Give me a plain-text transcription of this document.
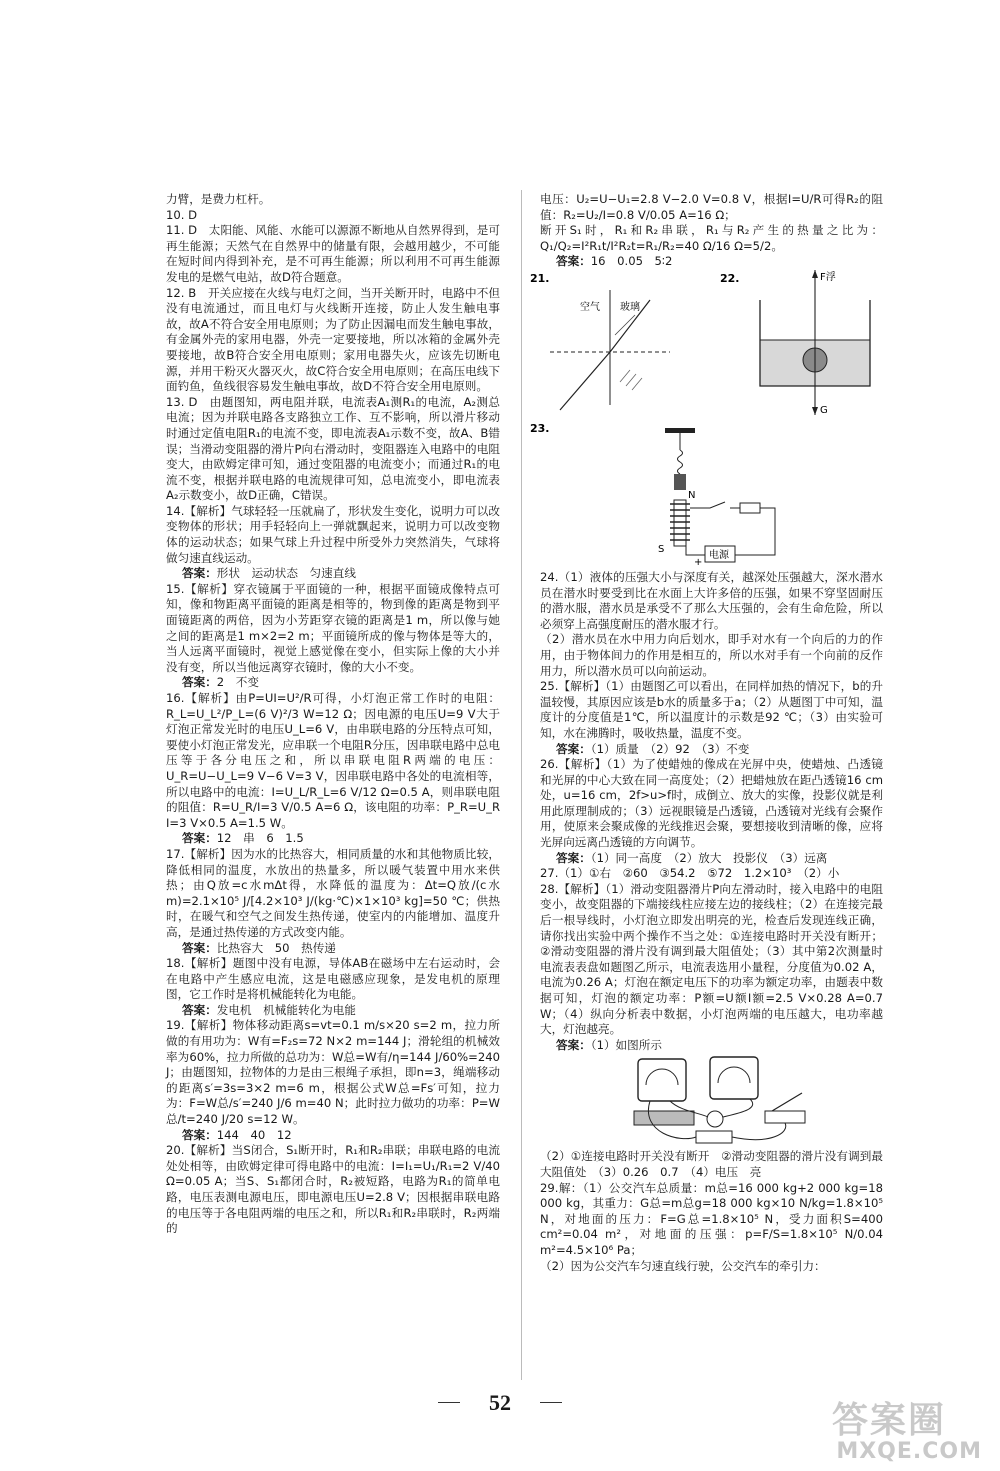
力臂，是费力杠杆。

10. D

11. D　太阳能、风能、水能可以源源不断地从自然界得到，是可再生能源；天然气在自然界中的储量有限，会越用越少，不可能在短时间内得到补充，是不可再生能源；所以利用不可再生能源发电的是燃气电站，故D符合题意。

12. B　开关应接在火线与电灯之间，当开关断开时，电路中不但没有电流通过，而且电灯与火线断开连接，防止人发生触电事故，故A不符合安全用电原则；为了防止因漏电而发生触电事故，有金属外壳的家用电器，外壳一定要接地，所以冰箱的金属外壳要接地，故B符合安全用电原则；家用电器失火，应该先切断电源，并用干粉灭火器灭火，故C符合安全用电原则；在高压电线下面钓鱼，鱼线很容易发生触电事故，故D不符合安全用电原则。

13. D　由题图知，两电阻并联，电流表A₁测R₁的电流，A₂测总电流；因为并联电路各支路独立工作、互不影响，所以滑片移动时通过定值电阻R₁的电流不变，即电流表A₁示数不变，故A、B错误；当滑动变阻器的滑片P向右滑动时，变阻器连入电路中的电阻变大，由欧姆定律可知，通过变阻器的电流变小；而通过R₁的电流不变，根据并联电路的电流规律可知，总电流变小，即电流表A₂示数变小，故D正确，C错误。

14.【解析】气球轻轻一压就扁了，形状发生变化，说明力可以改变物体的形状；用手轻轻向上一弹就飘起来，说明力可以改变物体的运动状态；如果气球上升过程中所受外力突然消失，气球将做匀速直线运动。

答案：形状　运动状态　匀速直线

15.【解析】穿衣镜属于平面镜的一种，根据平面镜成像特点可知，像和物距离平面镜的距离是相等的，物到像的距离是物到平面镜距离的两倍，因为小芳距穿衣镜的距离是1 m，所以像与她之间的距离是1 m×2=2 m；平面镜所成的像与物体是等大的，当人远离平面镜时，视觉上感觉像在变小，但实际上像的大小并没有变，所以当他远离穿衣镜时，像的大小不变。

答案：2　不变

16.【解析】由P=UI=U²/R可得，小灯泡正常工作时的电阻：R_L=U_L²/P_L=(6 V)²/3 W=12 Ω；因电源的电压U=9 V大于灯泡正常发光时的电压U_L=6 V，由串联电路的分压特点可知，要使小灯泡正常发光，应串联一个电阻R分压，因串联电路中总电压等于各分电压之和，所以串联电阻R两端的电压：U_R=U−U_L=9 V−6 V=3 V，因串联电路中各处的电流相等，所以电路中的电流：I=U_L/R_L=6 V/12 Ω=0.5 A，则串联电阻的阻值：R=U_R/I=3 V/0.5 A=6 Ω，该电阻的功率：P_R=U_R I=3 V×0.5 A=1.5 W。

答案：12　串　6　1.5

17.【解析】因为水的比热容大，相同质量的水和其他物质比较，降低相同的温度，水放出的热量多，所以暖气装置中用水来供热；由Q放=c水mΔt得，水降低的温度为：Δt=Q放/(c水m)=2.1×10⁵ J/[4.2×10³ J/(kg·℃)×1×10³ kg]=50 ℃；供热时，在暖气和空气之间发生热传递，使室内的内能增加、温度升高，是通过热传递的方式改变内能。

答案：比热容大　50　热传递

18.【解析】题图中没有电源，导体AB在磁场中左右运动时，会在电路中产生感应电流，这是电磁感应现象，是发电机的原理图，它工作时是将机械能转化为电能。

答案：发电机　机械能转化为电能

19.【解析】物体移动距离s=vt=0.1 m/s×20 s=2 m，拉力所做的有用功为：W有=F₂s=72 N×2 m=144 J；滑轮组的机械效率为60%，拉力所做的总功为：W总=W有/η=144 J/60%=240 J；由题图知，拉物体的力是由三根绳子承担，即n=3，绳端移动的距离s′=3s=3×2 m=6 m，根据公式W总=Fs′可知，拉力为：F=W总/s′=240 J/6 m=40 N；此时拉力做功的功率：P=W总/t=240 J/20 s=12 W。

答案：144　40　12

20.【解析】当S闭合，S₁断开时，R₁和R₂串联；串联电路的电流处处相等，由欧姆定律可得电路中的电流：I=I₁=U₁/R₁=2 V/40 Ω=0.05 A；当S、S₁都闭合时，R₂被短路，电路为R₁的简单电路，电压表测电源电压，即电源电压U=2.8 V；因根据串联电路的电压等于各电阻两端的电压之和，所以R₁和R₂串联时，R₂两端的

电压：U₂=U−U₁=2.8 V−2.0 V=0.8 V，根据I=U/R可得R₂的阻值：R₂=U₂/I=0.8 V/0.05 A=16 Ω；

断开S₁时，R₁和R₂串联，R₁与R₂产生的热量之比为：Q₁/Q₂=I²R₁t/I²R₂t=R₁/R₂=40 Ω/16 Ω=5/2。

答案：16　0.05　5∶2

21.
空气 玻璃
22.	F浮
G
23.
N
S
电源
+

24.（1）液体的压强大小与深度有关，越深处压强越大，深水潜水员在潜水时要受到比在水面上大许多倍的压强，如果不穿坚固耐压的潜水服，潜水员是承受不了那么大压强的，会有生命危险，所以必须穿上高强度耐压的潜水服才行。

（2）潜水员在水中用力向后划水，即手对水有一个向后的力的作用，由于物体间力的作用是相互的，所以水对手有一个向前的反作用力，所以潜水员可以向前运动。

25.【解析】（1）由题图乙可以看出，在同样加热的情况下，b的升温较慢，其原因应该是b水的质量多于a；（2）从题图丁中可知，温度计的分度值是1℃，所以温度计的示数是92 ℃；（3）由实验可知，水在沸腾时，吸收热量，温度不变。

答案：（1）质量　（2）92　（3）不变

26.【解析】（1）为了使蜡烛的像成在光屏中央，使蜡烛、凸透镜和光屏的中心大致在同一高度处；（2）把蜡烛放在距凸透镜16 cm处，u=16 cm，2f>u>f时，成倒立、放大的实像，投影仪就是利用此原理制成的；（3）远视眼镜是凸透镜，凸透镜对光线有会聚作用，使原来会聚成像的光线推迟会聚，要想接收到清晰的像，应将光屏向远离凸透镜的方向调节。

答案：（1）同一高度　（2）放大　投影仪　（3）远离

27.（1）①右　②60　③54.2　⑤72　1.2×10³　（2）小

28.【解析】（1）滑动变阻器滑片P向左滑动时，接入电路中的电阻变小，故变阻器的下端接线柱应接左边的接线柱；（2）在连接完最后一根导线时，小灯泡立即发出明亮的光，检查后发现连线正确，请你找出实验中两个操作不当之处：①连接电路时开关没有断开；②滑动变阻器的滑片没有调到最大阻值处；（3）其中第2次测量时电流表表盘如题图乙所示，电流表选用小量程，分度值为0.02 A，电流为0.26 A；灯泡在额定电压下的功率为额定功率，由题表中数据可知，灯泡的额定功率：P额=U额I额=2.5 V×0.28 A=0.7 W；（4）纵向分析表中数据，小灯泡两端的电压越大，电功率越大，灯泡越亮。

答案：（1）如图所示

（2）①连接电路时开关没有断开　②滑动变阻器的滑片没有调到最大阻值处　（3）0.26　0.7　（4）电压　亮

29.解：（1）公交汽车总质量：m总=16 000 kg+2 000 kg=18 000 kg，其重力：G总=m总g=18 000 kg×10 N/kg=1.8×10⁵ N，对地面的压力：F=G总=1.8×10⁵ N，受力面积S=400 cm²=0.04 m²，对地面的压强：p=F/S=1.8×10⁵ N/0.04 m²=4.5×10⁶ Pa；

（2）因为公交汽车匀速直线行驶，公交汽车的牵引力：

52	答案圈
MXQE.COM
